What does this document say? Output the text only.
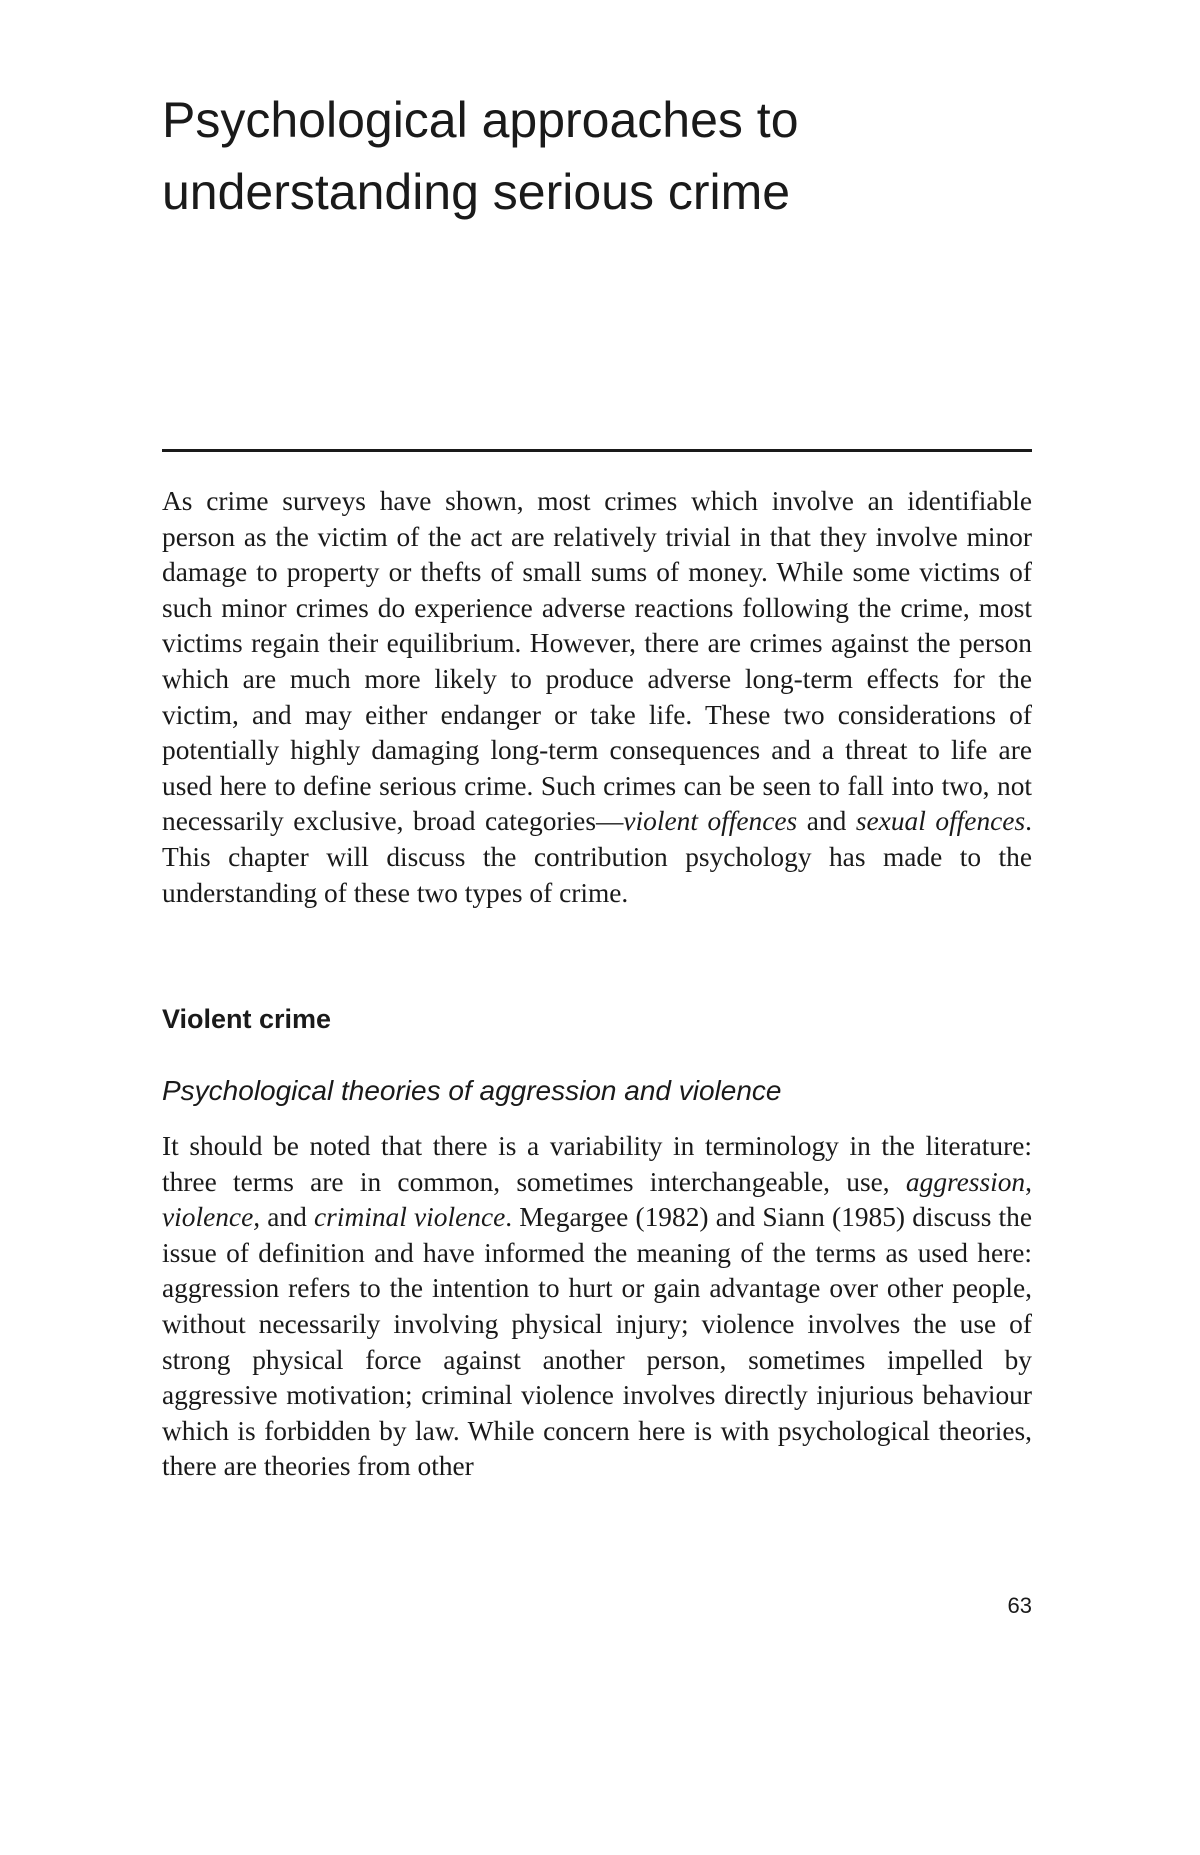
Psychological approaches to
understanding serious crime

As crime surveys have shown, most crimes which involve an identifiable person as the victim of the act are relatively trivial in that they involve minor damage to property or thefts of small sums of money. While some victims of such minor crimes do experience adverse reactions following the crime, most victims regain their equilibrium. However, there are crimes against the person which are much more likely to produce adverse long-term effects for the victim, and may either endanger or take life. These two considerations of potentially highly damaging long-term consequences and a threat to life are used here to define serious crime. Such crimes can be seen to fall into two, not necessarily exclusive, broad categories—violent offences and sexual offences. This chapter will discuss the contribution psychology has made to the understanding of these two types of crime.

Violent crime
Psychological theories of aggression and violence

It should be noted that there is a variability in terminology in the literature: three terms are in common, sometimes interchangeable, use, aggression, violence, and criminal violence. Megargee (1982) and Siann (1985) discuss the issue of definition and have informed the meaning of the terms as used here: aggression refers to the intention to hurt or gain advantage over other people, without necessarily involving physical injury; violence involves the use of strong physical force against another person, sometimes impelled by aggressive motivation; criminal violence involves directly injurious behaviour which is forbidden by law. While concern here is with psychological theories, there are theories from other

63
